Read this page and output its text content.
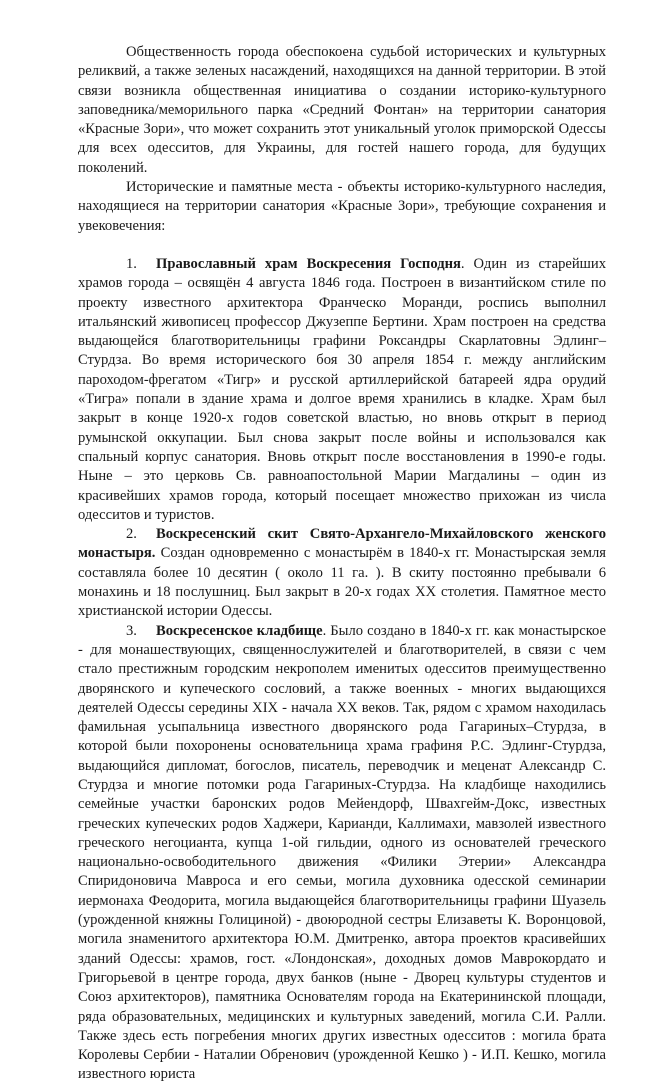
Общественность города обеспокоена судьбой исторических и культурных реликвий, а также зеленых насаждений, находящихся на данной территории. В этой связи возникла общественная инициатива о создании историко-культурного заповедника/меморильного парка «Средний Фонтан» на территории санатория «Красные Зори», что может сохранить этот уникальный уголок приморской Одессы для всех одесситов, для Украины, для гостей нашего города, для будущих поколений.

Исторические и памятные места - объекты историко-культурного наследия, находящиеся на территории санатория «Красные Зори», требующие сохранения и увековечения:

1. Православный храм Воскресения Господня. Один из старейших храмов города – освящён 4 августа 1846 года. Построен в византийском стиле по проекту известного архитектора Франческо Моранди, роспись выполнил итальянский живописец профессор Джузеппе Бертини. Храм построен на средства выдающейся благотворительницы графини Роксандры Скарлатовны Эдлинг–Стурдза. Во время исторического боя 30 апреля 1854 г. между английским пароходом-фрегатом «Тигр» и русской артиллерийской батареей ядра орудий «Тигра» попали в здание храма и долгое время хранились в кладке. Храм был закрыт в конце 1920-х годов советской властью, но вновь открыт в период румынской оккупации. Был снова закрыт после войны и использовался как спальный корпус санатория. Вновь открыт после восстановления в 1990-е годы. Ныне – это церковь Св. равноапостольной Марии Магдалины – один из красивейших храмов города, который посещает множество прихожан из числа одесситов и туристов.

2. Воскресенский скит Свято-Архангело-Михайловского женского монастыря. Создан одновременно с монастырём в 1840-х гг. Монастырская земля составляла более 10 десятин ( около 11 га. ). В скиту постоянно пребывали 6 монахинь и 18 послушниц. Был закрыт в 20-х годах XX столетия. Памятное место христианской истории Одессы.

3. Воскресенское кладбище. Было создано в 1840-х гг. как монастырское - для монашествующих, священнослужителей и благотворителей, в связи с чем стало престижным городским некрополем именитых одесситов преимущественно дворянского и купеческого сословий, а также военных - многих выдающихся деятелей Одессы середины XIX - начала XX веков. Так, рядом с храмом находилась фамильная усыпальница известного дворянского рода Гагариных–Стурдза, в которой были похоронены основательница храма графиня Р.С. Эдлинг-Стурдза, выдающийся дипломат, богослов, писатель, переводчик и меценат Александр С. Стурдза и многие потомки рода Гагариных-Стурдза. На кладбище находились семейные участки баронских родов Мейендорф, Швахгейм-Докс, известных греческих купеческих родов Хаджери, Карианди, Каллимахи, мавзолей известного греческого негоцианта, купца 1-ой гильдии, одного из основателей греческого национально-освободительного движения «Филики Этерии» Александра Спиридоновича Мавроса и его семьи, могила духовника одесской семинарии иермонаха Феодорита, могила выдающейся благотворительницы графини Шуазель (урожденной княжны Голициной) - двоюродной сестры Елизаветы К. Воронцовой, могила знаменитого архитектора Ю.М. Дмитренко, автора проектов красивейших зданий Одессы: храмов, гост. «Лондонская», доходных домов Маврокордато и Григорьевой в центре города, двух банков (ныне - Дворец культуры студентов и Союз архитекторов), памятника Основателям города на Екатерининской площади, ряда образовательных, медицинских и культурных заведений, могила С.И. Ралли. Также здесь есть погребения многих других известных одесситов : могила брата Королевы Сербии - Наталии Обренович (урожденной Кешко ) - И.П. Кешко, могила известного юриста
